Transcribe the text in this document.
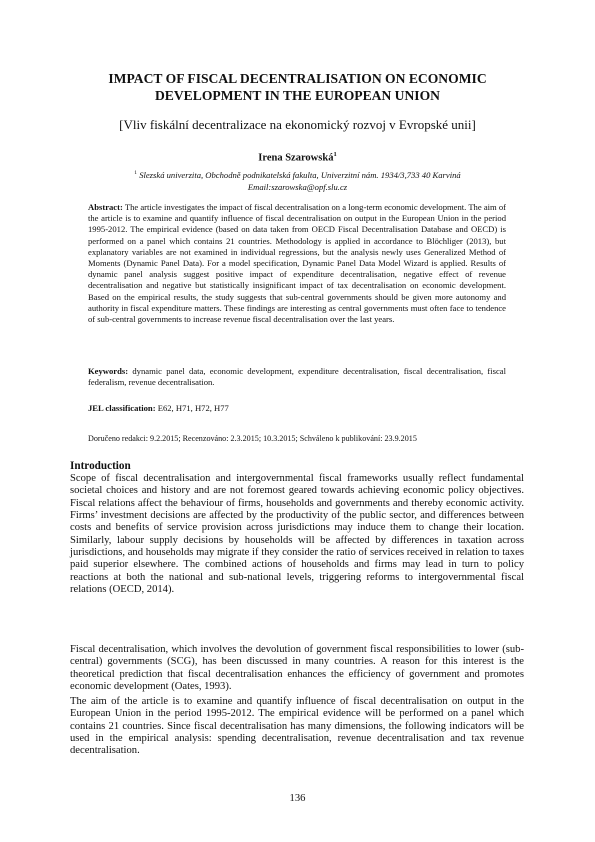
IMPACT OF FISCAL DECENTRALISATION ON ECONOMIC DEVELOPMENT IN THE EUROPEAN UNION
[Vliv fiskální decentralizace na ekonomický rozvoj v Evropské unii]
Irena Szarowská$^1$
$^1$ Slezská univerzita, Obchodně podnikatelská fakulta, Univerzitní nám. 1934/3,733 40 Karviná
Email:szarowska@opf.slu.cz
Abstract: The article investigates the impact of fiscal decentralisation on a long-term economic development. The aim of the article is to examine and quantify influence of fiscal decentralisation on output in the European Union in the period 1995-2012. The empirical evidence (based on data taken from OECD Fiscal Decentralisation Database and OECD) is performed on a panel which contains 21 countries. Methodology is applied in accordance to Blöchliger (2013), but explanatory variables are not examined in individual regressions, but the analysis newly uses Generalized Method of Moments (Dynamic Panel Data). For a model specification, Dynamic Panel Data Model Wizard is applied. Results of dynamic panel analysis suggest positive impact of expenditure decentralisation, negative effect of revenue decentralisation and negative but statistically insignificant impact of tax decentralisation on economic development. Based on the empirical results, the study suggests that sub-central governments should be given more autonomy and authority in fiscal expenditure matters. These findings are interesting as central governments must often face to tendence of sub-central governments to increase revenue fiscal decentralisation over the last years.
Keywords: dynamic panel data, economic development, expenditure decentralisation, fiscal decentralisation, fiscal federalism, revenue decentralisation.
JEL classification: E62, H71, H72, H77
Doručeno redakci: 9.2.2015; Recenzováno: 2.3.2015; 10.3.2015; Schváleno k publikování: 23.9.2015
Introduction
Scope of fiscal decentralisation and intergovernmental fiscal frameworks usually reflect fundamental societal choices and history and are not foremost geared towards achieving economic policy objectives. Fiscal relations affect the behaviour of firms, households and governments and thereby economic activity. Firms’ investment decisions are affected by the productivity of the public sector, and differences between costs and benefits of service provision across jurisdictions may induce them to change their location. Similarly, labour supply decisions by households will be affected by differences in taxation across jurisdictions, and households may migrate if they consider the ratio of services received in relation to taxes paid superior elsewhere. The combined actions of households and firms may lead in turn to policy reactions at both the national and sub-national levels, triggering reforms to intergovernmental fiscal relations (OECD, 2014).
Fiscal decentralisation, which involves the devolution of government fiscal responsibilities to lower (sub-central) governments (SCG), has been discussed in many countries. A reason for this interest is the theoretical prediction that fiscal decentralisation enhances the efficiency of government and promotes economic development (Oates, 1993).
The aim of the article is to examine and quantify influence of fiscal decentralisation on output in the European Union in the period 1995-2012. The empirical evidence will be performed on a panel which contains 21 countries. Since fiscal decentralisation has many dimensions, the following indicators will be used in the empirical analysis: spending decentralisation, revenue decentralisation and tax revenue decentralisation.
136
